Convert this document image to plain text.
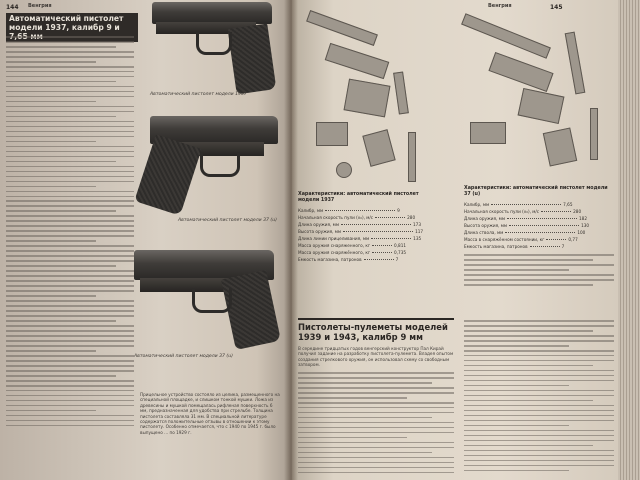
144 Венгрия
Автоматический пистолет модели 1937, калибр 9 и
Автоматический пистолет модели 1937
Автоматический пистолет модели 37 (u)
Автоматический пистолет модели 37 (u)
Прицельное устройство состояло из целика, размещенного на специальной площадке, и слишком тонкой мушки. Ложа из древесины и мушкой помещалась рифленая поверхность 6 мм, предназначенная для удобства при стрельбе. Толщина пистолета составляла 31 мм. В специальной литературе содержатся положительные отзывы в отношении к этому пистолету. Особенно отмечается, что с 1940 по 1945 г. было выпущено ... по 1929 г.
145
Венгрия
Характеристики: автоматический пистолет модели 1937
Калибр, мм	9
Начальная скорость пули (v₀), м/с	280
Длина оружия, мм	173
Высота оружия, мм	117
Длина линии прицеливания, мм	135
Масса оружия снаряженного, кг	0,811
Масса оружия снаряжённого, кг	0,735
Емкость магазина, патронов	7
Характеристики: автоматический пистолет модели 37 (u)
Калибр, мм	7,65
Начальная скорость пули (v₀), м/с	280
Длина оружия, мм	182
Высота оружия, мм	130
Длина ствола, мм	100
Масса в снаряжённом состоянии, кг	0,77
Емкость магазина, патронов	7
Пистолеты-пулеметы моделей 1939 и 1943, калибр 9 мм
В середине тридцатых годов венгерский конструктор Пал Кирай получил задание на разработку пистолета-пулемета. Владея опытом создания стрелкового оружия, он использовал схему со свободным затвором.
